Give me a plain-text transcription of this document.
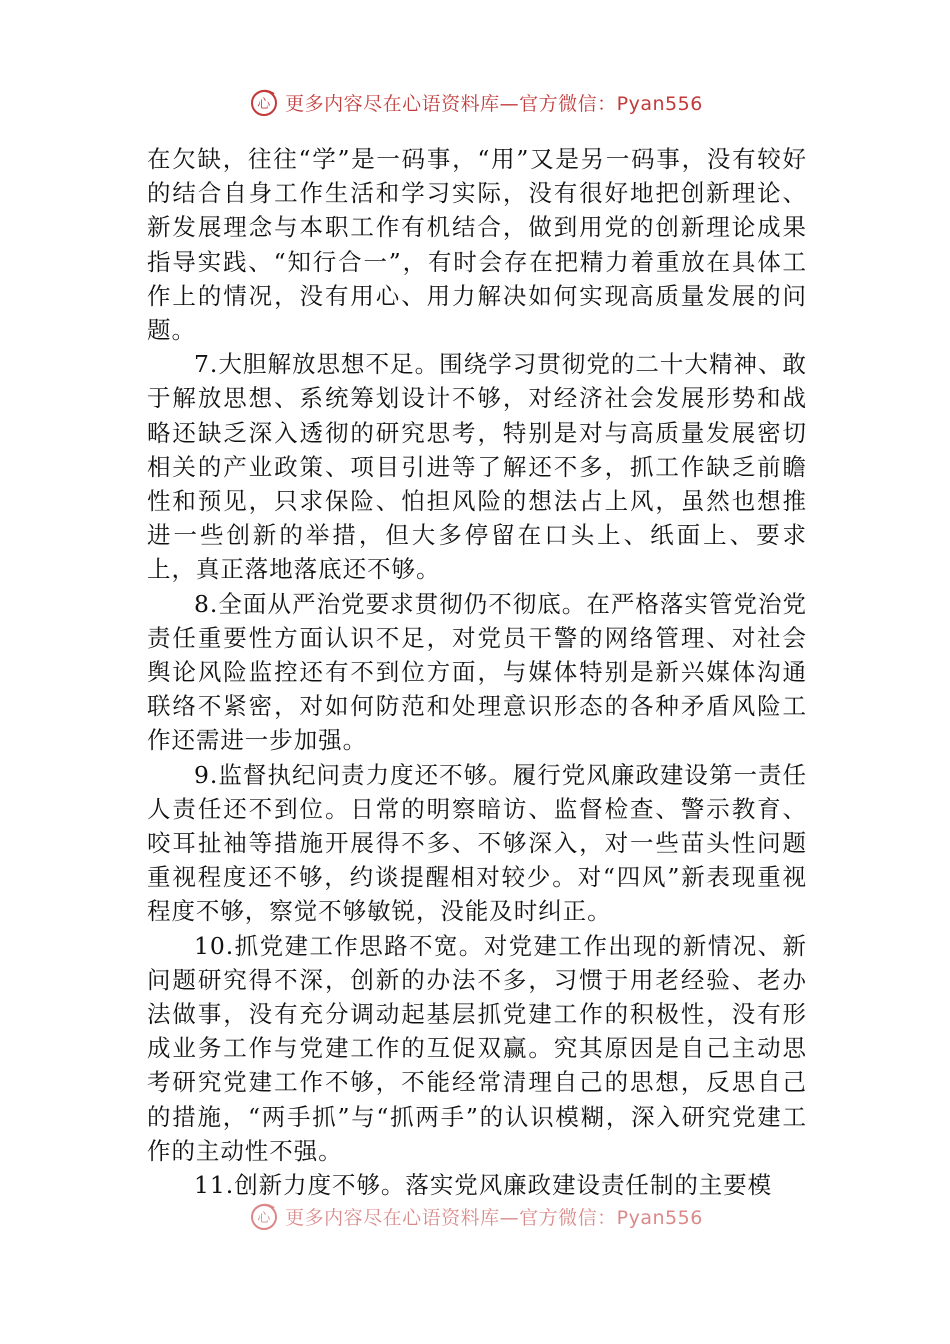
心 更多内容尽在心语资料库—官方微信：Pyan556

在欠缺，往往“学”是一码事，“用”又是另一码事，没有较好的结合自身工作生活和学习实际，没有很好地把创新理论、新发展理念与本职工作有机结合，做到用党的创新理论成果指导实践、“知行合一”，有时会存在把精力着重放在具体工作上的情况，没有用心、用力解决如何实现高质量发展的问题。

7.大胆解放思想不足。围绕学习贯彻党的二十大精神、敢于解放思想、系统筹划设计不够，对经济社会发展形势和战略还缺乏深入透彻的研究思考，特别是对与高质量发展密切相关的产业政策、项目引进等了解还不多，抓工作缺乏前瞻性和预见，只求保险、怕担风险的想法占上风，虽然也想推进一些创新的举措，但大多停留在口头上、纸面上、要求上，真正落地落底还不够。

8.全面从严治党要求贯彻仍不彻底。在严格落实管党治党责任重要性方面认识不足，对党员干警的网络管理、对社会舆论风险监控还有不到位方面，与媒体特别是新兴媒体沟通联络不紧密，对如何防范和处理意识形态的各种矛盾风险工作还需进一步加强。

9.监督执纪问责力度还不够。履行党风廉政建设第一责任人责任还不到位。日常的明察暗访、监督检查、警示教育、咬耳扯袖等措施开展得不多、不够深入，对一些苗头性问题重视程度还不够，约谈提醒相对较少。对“四风”新表现重视程度不够，察觉不够敏锐，没能及时纠正。

10.抓党建工作思路不宽。对党建工作出现的新情况、新问题研究得不深，创新的办法不多，习惯于用老经验、老办法做事，没有充分调动起基层抓党建工作的积极性，没有形成业务工作与党建工作的互促双赢。究其原因是自己主动思考研究党建工作不够，不能经常清理自己的思想，反思自己的措施，“两手抓”与“抓两手”的认识模糊，深入研究党建工作的主动性不强。

11.创新力度不够。落实党风廉政建设责任制的主要模

心 更多内容尽在心语资料库—官方微信：Pyan556
